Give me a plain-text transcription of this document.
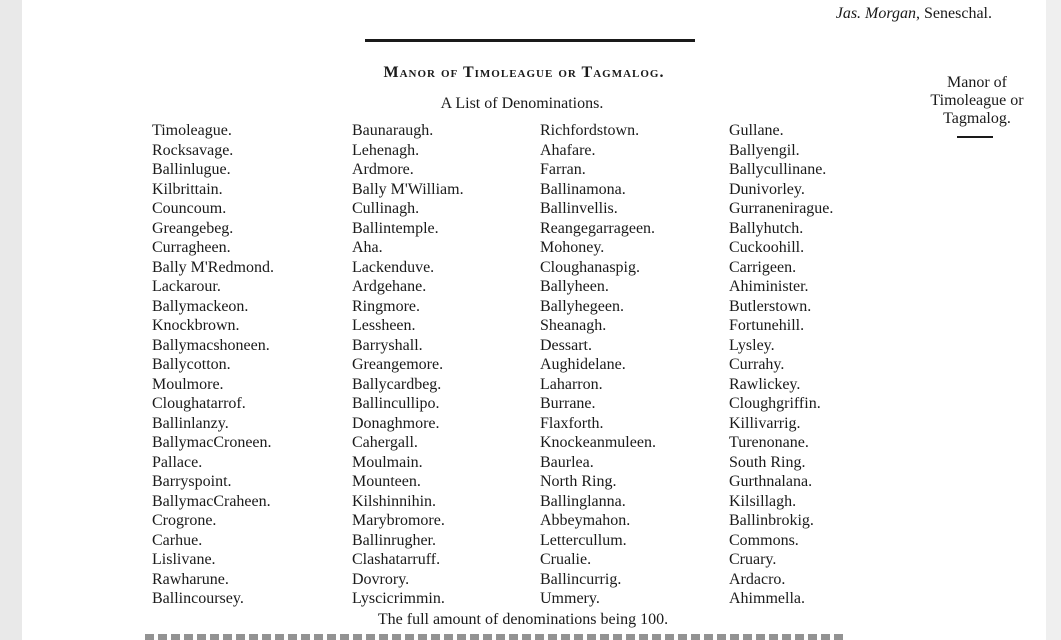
Jas. Morgan, Seneschal.
Manor of Timoleague or Tagmalog.
A List of Denominations.
Manor of Timoleague or Tagmalog.
Timoleague.
Rocksavage.
Ballinlugue.
Kilbrittain.
Councoum.
Greangebeg.
Curragheen.
Bally M'Redmond.
Lackarour.
Ballymackeon.
Knockbrown.
Ballymacshoneen.
Ballycotton.
Moulmore.
Cloughatarrof.
Ballinlanzy.
BallymacCroneen.
Pallace.
Barryspoint.
BallymacCraheen.
Crogrone.
Carhue.
Lislivane.
Rawharune.
Ballincoursey.
Baunaraugh.
Lehenagh.
Ardmore.
Bally M'William.
Cullinagh.
Ballintemple.
Aha.
Lackenduve.
Ardgehane.
Ringmore.
Lessheen.
Barryshall.
Greangemore.
Ballycardbeg.
Ballincullipo.
Donaghmore.
Cahergall.
Moulmain.
Mounteen.
Kilshinnihin.
Marybromore.
Ballinrugher.
Clashatarruff.
Dovrory.
Lyscicrimmin.
Richfordstown.
Ahafare.
Farran.
Ballinamona.
Ballinvellis.
Reangegarrageen.
Mohoney.
Cloughanaspig.
Ballyheen.
Ballyhegeen.
Sheanagh.
Dessart.
Aughidelane.
Laharron.
Burrane.
Flaxforth.
Knockeanmuleen.
Baurlea.
North Ring.
Ballinglanna.
Abbeymahon.
Lettercullum.
Crualie.
Ballincurrig.
Ummery.
Gullane.
Ballyengil.
Ballycullinane.
Dunivorley.
Gurraneniraguе.
Ballyhutch.
Cuckoohill.
Carrigeen.
Ahiminister.
Butlerstown.
Fortunehill.
Lysley.
Currahy.
Rawlickey.
Cloughgriffin.
Killivarrig.
Turenonane.
South Ring.
Gurthnalana.
Kilsillagh.
Ballinbrokig.
Commons.
Cruary.
Ardacro.
Ahimmella.
The full amount of denominations being 100.
